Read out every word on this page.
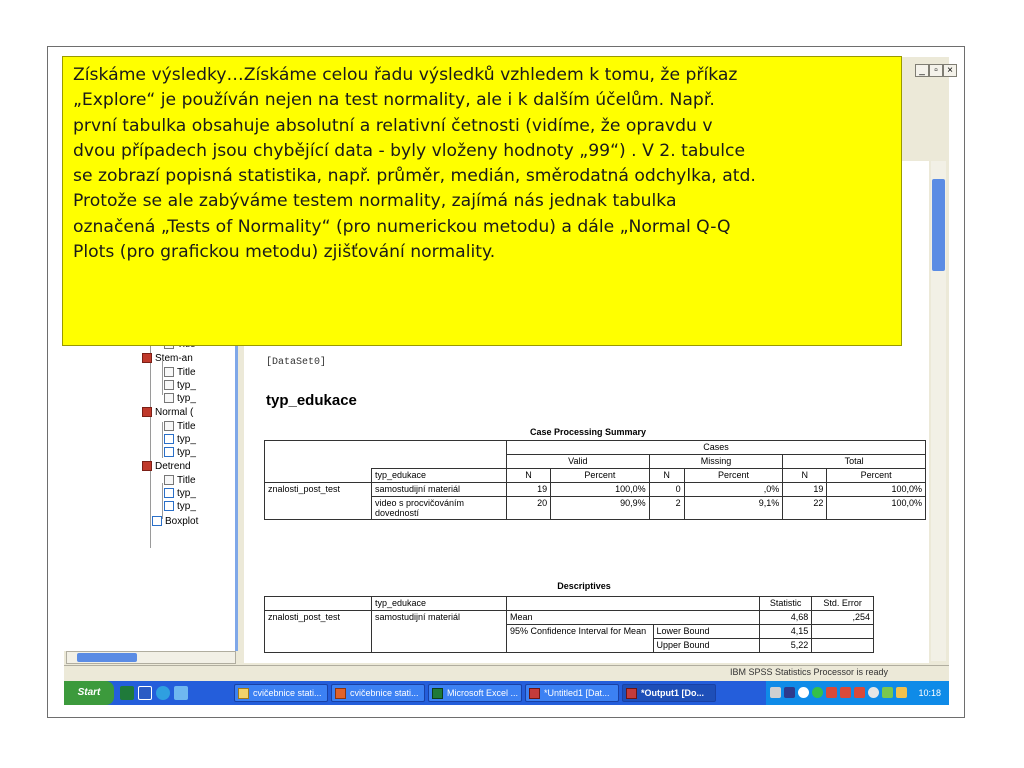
_ ▫ ×
Stem-an
Title
typ_
typ_
Normal (
Title
typ_
typ_
Detrend
Title
typ_
typ_
Boxplot
[DataSet0]
typ_edukace
Case Processing Summary
		Cases					
		Valid		Missing		Total	
	typ_edukace	N	Percent	N	Percent	N	Percent
znalosti_post_test	samostudijní materiál	19	100,0%	0	,0%	19	100,0%
	video s procvičováním dovedností	20	90,9%	2	9,1%	22	100,0%
Descriptives
	typ_edukace			Statistic	Std. Error
znalosti_post_test	samostudijní materiál	Mean		4,68	,254
		95% Confidence Interval for Mean	Lower Bound	4,15	
			Upper Bound	5,22	
IBM SPSS Statistics Processor is ready
Start	cvičebnice stati...	cvičebnice stati...	Microsoft Excel ...	*Untitled1 [Dat...	*Output1 [Do...	10:18

Získáme výsledky…Získáme celou řadu výsledků vzhledem k tomu, že příkaz

„Explore“ je používán nejen na test normality, ale i k dalším účelům. Např.

první tabulka obsahuje absolutní a relativní četnosti (vidíme, že opravdu v

dvou případech jsou chybějící data - byly vloženy hodnoty „99“) . V 2. tabulce

se zobrazí popisná statistika, např. průměr, medián, směrodatná odchylka, atd.

Protože se ale zabýváme testem normality, zajímá nás jednak tabulka

označená „Tests of Normality“ (pro numerickou metodu) a dále „Normal Q-Q

Plots (pro grafickou metodu) zjišťování normality.
